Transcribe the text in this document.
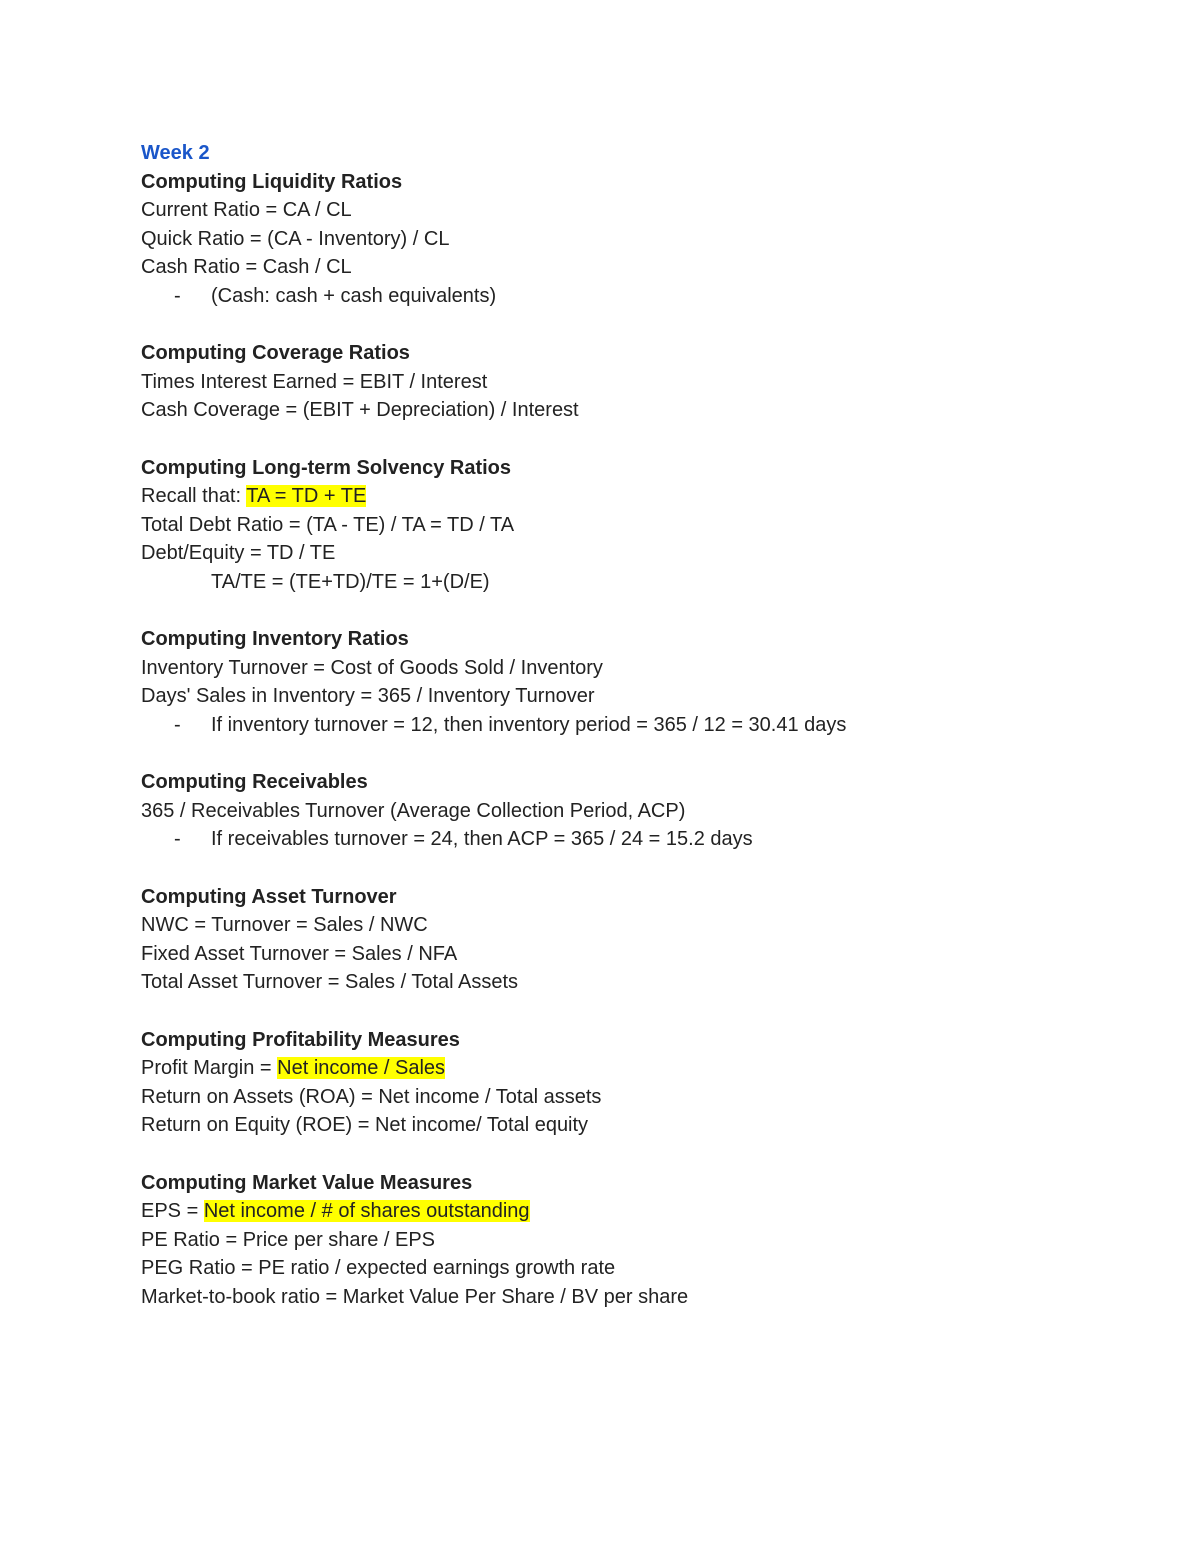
Week 2
Computing Liquidity Ratios
Current Ratio = CA / CL
Quick Ratio = (CA - Inventory) / CL
Cash Ratio = Cash / CL
- (Cash: cash + cash equivalents)
Computing Coverage Ratios
Times Interest Earned = EBIT / Interest
Cash Coverage = (EBIT + Depreciation) / Interest
Computing Long-term Solvency Ratios
Recall that: TA = TD + TE
Total Debt Ratio = (TA - TE) / TA = TD / TA
Debt/Equity = TD / TE
TA/TE = (TE+TD)/TE = 1+(D/E)
Computing Inventory Ratios
Inventory Turnover = Cost of Goods Sold / Inventory
Days' Sales in Inventory = 365 / Inventory Turnover
- If inventory turnover = 12, then inventory period = 365 / 12 = 30.41 days
Computing Receivables
365 / Receivables Turnover (Average Collection Period, ACP)
- If receivables turnover = 24, then ACP = 365 / 24 = 15.2 days
Computing Asset Turnover
NWC = Turnover = Sales / NWC
Fixed Asset Turnover = Sales / NFA
Total Asset Turnover = Sales / Total Assets
Computing Profitability Measures
Profit Margin = Net income / Sales
Return on Assets (ROA) = Net income / Total assets
Return on Equity (ROE) = Net income/ Total equity
Computing Market Value Measures
EPS = Net income / # of shares outstanding
PE Ratio = Price per share / EPS
PEG Ratio = PE ratio / expected earnings growth rate
Market-to-book ratio = Market Value Per Share / BV per share
